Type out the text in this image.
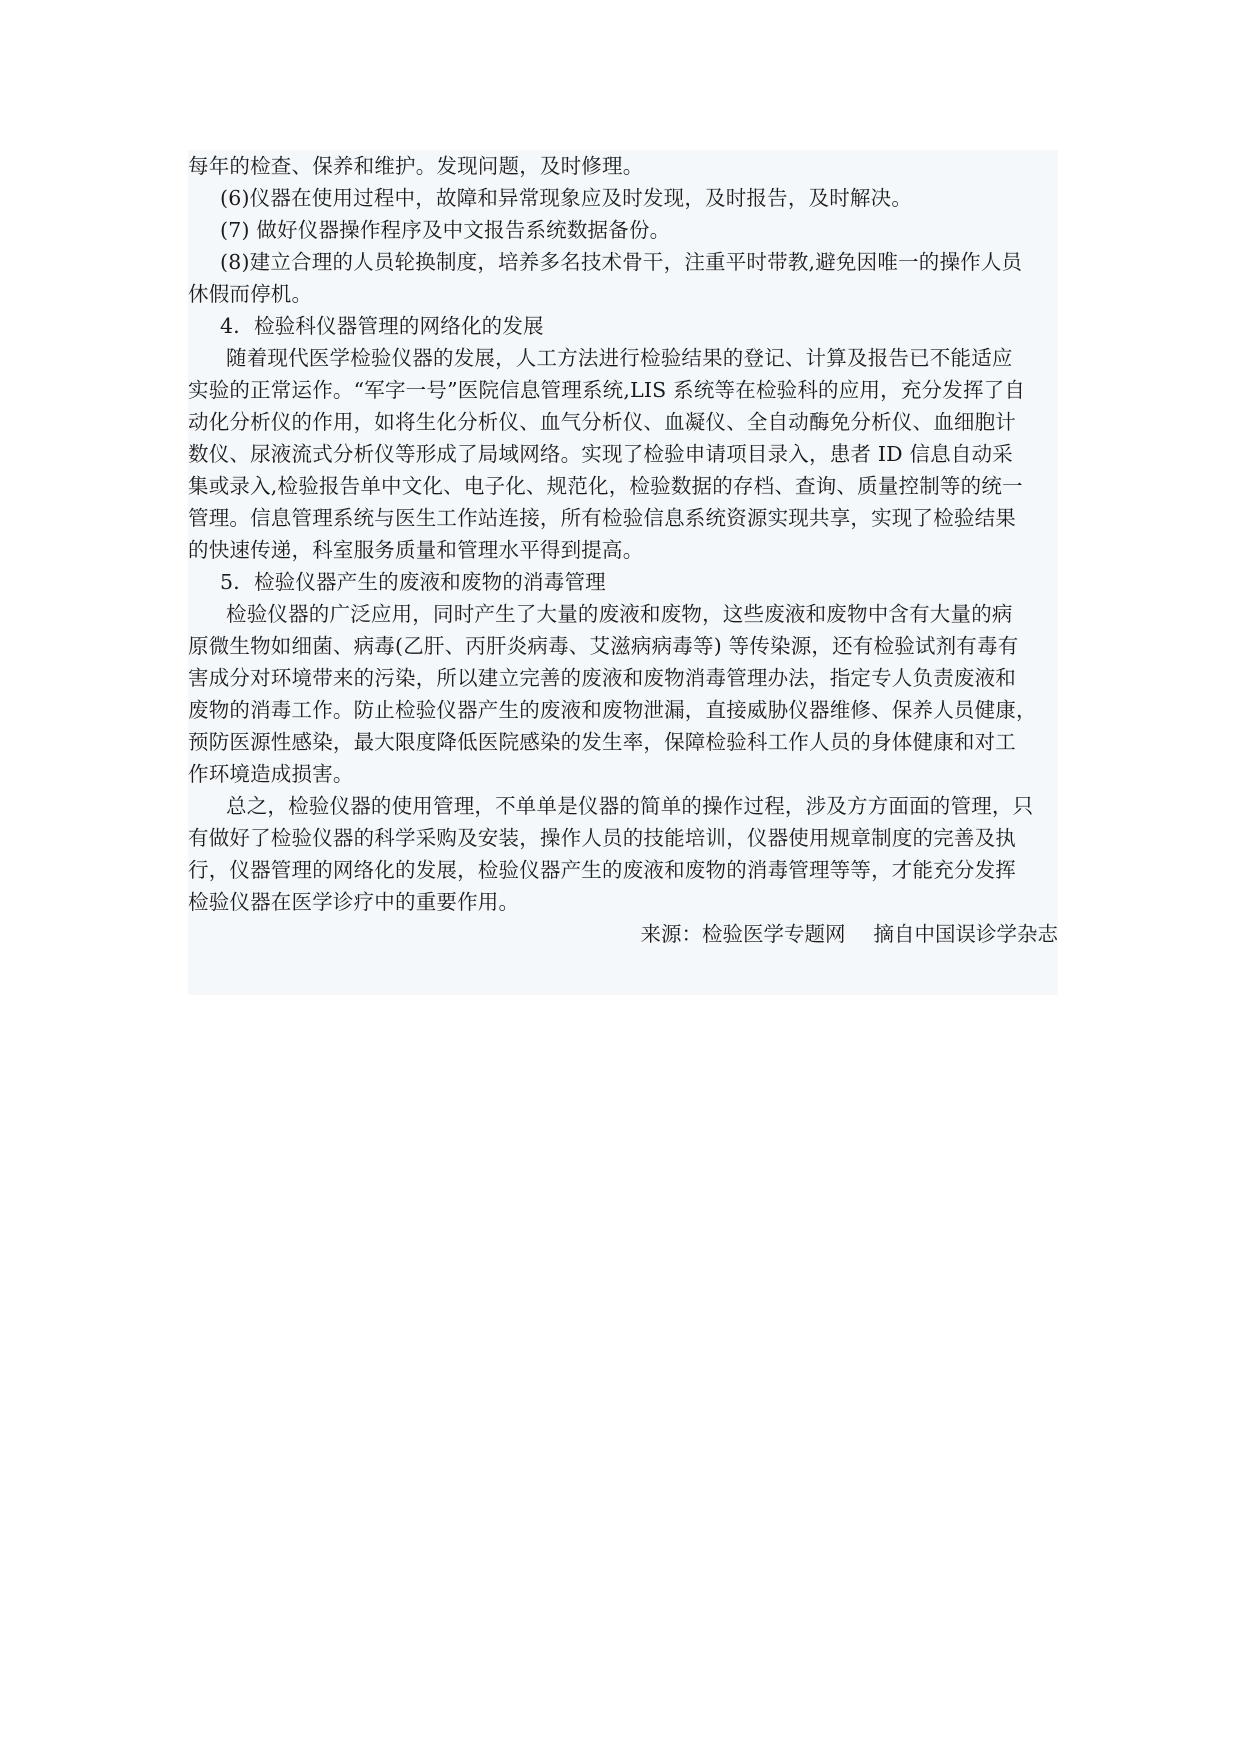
每年的检查、保养和维护。发现问题，及时修理。
(6)仪器在使用过程中，故障和异常现象应及时发现，及时报告，及时解决。
(7) 做好仪器操作程序及中文报告系统数据备份。
(8)建立合理的人员轮换制度，培养多名技术骨干，注重平时带教,避免因唯一的操作人员
休假而停机。
4．检验科仪器管理的网络化的发展
随着现代医学检验仪器的发展，人工方法进行检验结果的登记、计算及报告已不能适应
实验的正常运作。“军字一号”医院信息管理系统,LIS 系统等在检验科的应用，充分发挥了自
动化分析仪的作用，如将生化分析仪、血气分析仪、血凝仪、全自动酶免分析仪、血细胞计
数仪、尿液流式分析仪等形成了局域网络。实现了检验申请项目录入，患者 ID 信息自动采
集或录入,检验报告单中文化、电子化、规范化，检验数据的存档、查询、质量控制等的统一
管理。信息管理系统与医生工作站连接，所有检验信息系统资源实现共享，实现了检验结果
的快速传递，科室服务质量和管理水平得到提高。
5．检验仪器产生的废液和废物的消毒管理
检验仪器的广泛应用，同时产生了大量的废液和废物，这些废液和废物中含有大量的病
原微生物如细菌、病毒(乙肝、丙肝炎病毒、艾滋病病毒等) 等传染源，还有检验试剂有毒有
害成分对环境带来的污染，所以建立完善的废液和废物消毒管理办法，指定专人负责废液和
废物的消毒工作。防止检验仪器产生的废液和废物泄漏，直接威胁仪器维修、保养人员健康，
预防医源性感染，最大限度降低医院感染的发生率，保障检验科工作人员的身体健康和对工
作环境造成损害。
总之，检验仪器的使用管理，不单单是仪器的简单的操作过程，涉及方方面面的管理，只
有做好了检验仪器的科学采购及安装，操作人员的技能培训，仪器使用规章制度的完善及执
行，仪器管理的网络化的发展，检验仪器产生的废液和废物的消毒管理等等，才能充分发挥
检验仪器在医学诊疗中的重要作用。
来源：检验医学专题网 摘自中国误诊学杂志
